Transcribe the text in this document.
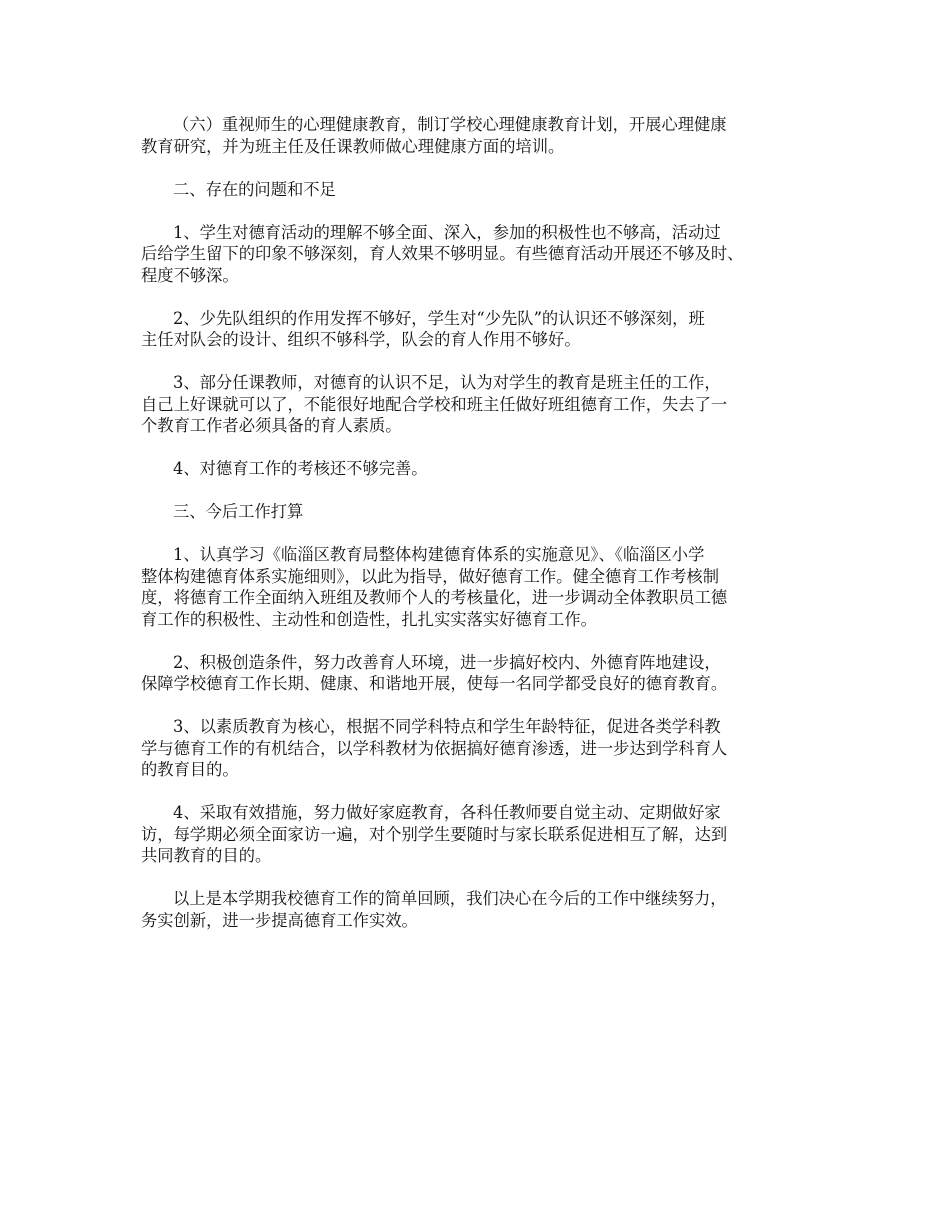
（六）重视师生的心理健康教育，制订学校心理健康教育计划，开展心理健康
教育研究，并为班主任及任课教师做心理健康方面的培训。

二、存在的问题和不足

1、学生对德育活动的理解不够全面、深入，参加的积极性也不够高，活动过
后给学生留下的印象不够深刻，育人效果不够明显。有些德育活动开展还不够及时、
程度不够深。

2、少先队组织的作用发挥不够好，学生对“少先队”的认识还不够深刻，班
主任对队会的设计、组织不够科学，队会的育人作用不够好。

3、部分任课教师，对德育的认识不足，认为对学生的教育是班主任的工作，
自己上好课就可以了，不能很好地配合学校和班主任做好班组德育工作，失去了一
个教育工作者必须具备的育人素质。

4、对德育工作的考核还不够完善。

三、今后工作打算

1、认真学习《临淄区教育局整体构建德育体系的实施意见》、《临淄区小学
整体构建德育体系实施细则》，以此为指导，做好德育工作。健全德育工作考核制
度，将德育工作全面纳入班组及教师个人的考核量化，进一步调动全体教职员工德
育工作的积极性、主动性和创造性，扎扎实实落实好德育工作。

2、积极创造条件，努力改善育人环境，进一步搞好校内、外德育阵地建设，
保障学校德育工作长期、健康、和谐地开展，使每一名同学都受良好的德育教育。

3、以素质教育为核心，根据不同学科特点和学生年龄特征，促进各类学科教
学与德育工作的有机结合，以学科教材为依据搞好德育渗透，进一步达到学科育人
的教育目的。

4、采取有效措施，努力做好家庭教育，各科任教师要自觉主动、定期做好家
访，每学期必须全面家访一遍，对个别学生要随时与家长联系促进相互了解，达到
共同教育的目的。

以上是本学期我校德育工作的简单回顾，我们决心在今后的工作中继续努力，
务实创新，进一步提高德育工作实效。
